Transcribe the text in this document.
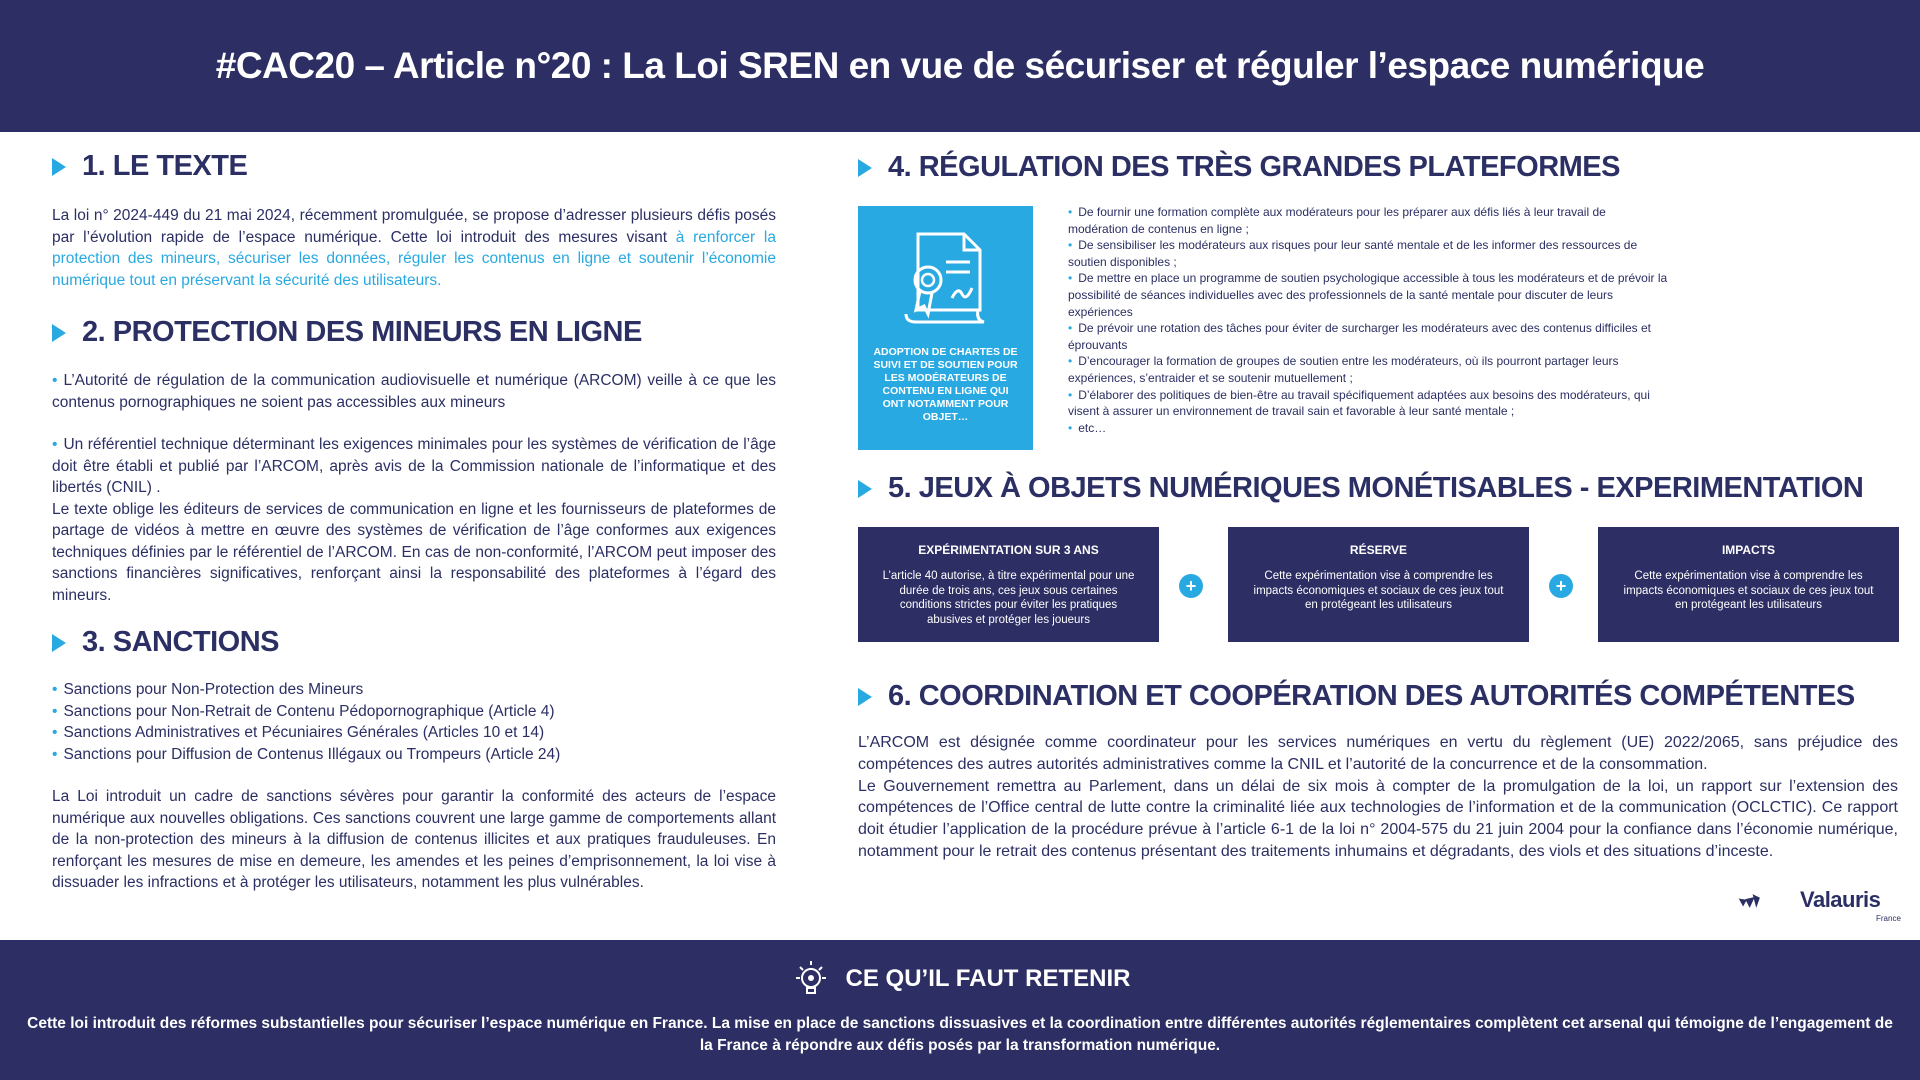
#CAC20 – Article n°20 : La Loi SREN en vue de sécuriser et réguler l’espace numérique
1. LE TEXTE

La loi n° 2024-449 du 21 mai 2024, récemment promulguée, se propose d’adresser plusieurs défis posés par l’évolution rapide de l’espace numérique. Cette loi introduit des mesures visant à renforcer la protection des mineurs, sécuriser les données, réguler les contenus en ligne et soutenir l’économie numérique tout en préservant la sécurité des utilisateurs.

2. PROTECTION DES MINEURS EN LIGNE

• L’Autorité de régulation de la communication audiovisuelle et numérique (ARCOM) veille à ce que les contenus pornographiques ne soient pas accessibles aux mineurs

• Un référentiel technique déterminant les exigences minimales pour les systèmes de vérification de l’âge doit être établi et publié par l’ARCOM, après avis de la Commission nationale de l’informatique et des libertés (CNIL) .

Le texte oblige les éditeurs de services de communication en ligne et les fournisseurs de plateformes de partage de vidéos à mettre en œuvre des systèmes de vérification de l’âge conformes aux exigences techniques définies par le référentiel de l’ARCOM. En cas de non-conformité, l’ARCOM peut imposer des sanctions financières significatives, renforçant ainsi la responsabilité des plateformes à l’égard des mineurs.

3. SANCTIONS

• Sanctions pour Non-Protection des Mineurs

• Sanctions pour Non-Retrait de Contenu Pédopornographique (Article 4)

• Sanctions Administratives et Pécuniaires Générales (Articles 10 et 14)

• Sanctions pour Diffusion de Contenus Illégaux ou Trompeurs (Article 24)

La Loi introduit un cadre de sanctions sévères pour garantir la conformité des acteurs de l’espace numérique aux nouvelles obligations. Ces sanctions couvrent une large gamme de comportements allant de la non-protection des mineurs à la diffusion de contenus illicites et aux pratiques frauduleuses. En renforçant les mesures de mise en demeure, les amendes et les peines d’emprisonnement, la loi vise à dissuader les infractions et à protéger les utilisateurs, notamment les plus vulnérables.

4. RÉGULATION DES TRÈS GRANDES PLATEFORMES
ADOPTION DE CHARTES DE SUIVI ET DE SOUTIEN POUR LES MODÉRATEURS DE CONTENU EN LIGNE QUI ONT NOTAMMENT POUR OBJET…
• De fournir une formation complète aux modérateurs pour les préparer aux défis liés à leur travail de modération de contenus en ligne ;
• De sensibiliser les modérateurs aux risques pour leur santé mentale et de les informer des ressources de soutien disponibles ;
• De mettre en place un programme de soutien psychologique accessible à tous les modérateurs et de prévoir la possibilité de séances individuelles avec des professionnels de la santé mentale pour discuter de leurs expériences
• De prévoir une rotation des tâches pour éviter de surcharger les modérateurs avec des contenus difficiles et éprouvants
• D’encourager la formation de groupes de soutien entre les modérateurs, où ils pourront partager leurs expériences, s’entraider et se soutenir mutuellement ;
• D’élaborer des politiques de bien-être au travail spécifiquement adaptées aux besoins des modérateurs, qui visent à assurer un environnement de travail sain et favorable à leur santé mentale ;
• etc…
5. JEUX À OBJETS NUMÉRIQUES MONÉTISABLES - EXPERIMENTATION
EXPÉRIMENTATION SUR 3 ANS
L’article 40 autorise, à titre expérimental pour une durée de trois ans, ces jeux sous certaines conditions strictes pour éviter les pratiques abusives et protéger les joueurs
+
RÉSERVE
Cette expérimentation vise à comprendre les impacts économiques et sociaux de ces jeux tout en protégeant les utilisateurs
+
IMPACTS
Cette expérimentation vise à comprendre les impacts économiques et sociaux de ces jeux tout en protégeant les utilisateurs
6. COORDINATION ET COOPÉRATION DES AUTORITÉS COMPÉTENTES

L’ARCOM est désignée comme coordinateur pour les services numériques en vertu du règlement (UE) 2022/2065, sans préjudice des compétences des autres autorités administratives comme la CNIL et l’autorité de la concurrence et de la consommation.

Le Gouvernement remettra au Parlement, dans un délai de six mois à compter de la promulgation de la loi, un rapport sur l’extension des compétences de l’Office central de lutte contre la criminalité liée aux technologies de l’information et de la communication (OCLCTIC). Ce rapport doit étudier l’application de la procédure prévue à l’article 6-1 de la loi n° 2004-575 du 21 juin 2004 pour la confiance dans l’économie numérique, notamment pour le retrait des contenus présentant des traitements inhumains et dégradants, des viols et des situations d’inceste.

Valauris
France
CE QU’IL FAUT RETENIR
Cette loi introduit des réformes substantielles pour sécuriser l’espace numérique en France. La mise en place de sanctions dissuasives et la coordination entre différentes autorités réglementaires complètent cet arsenal qui témoigne de l’engagement de la France à répondre aux défis posés par la transformation numérique.
